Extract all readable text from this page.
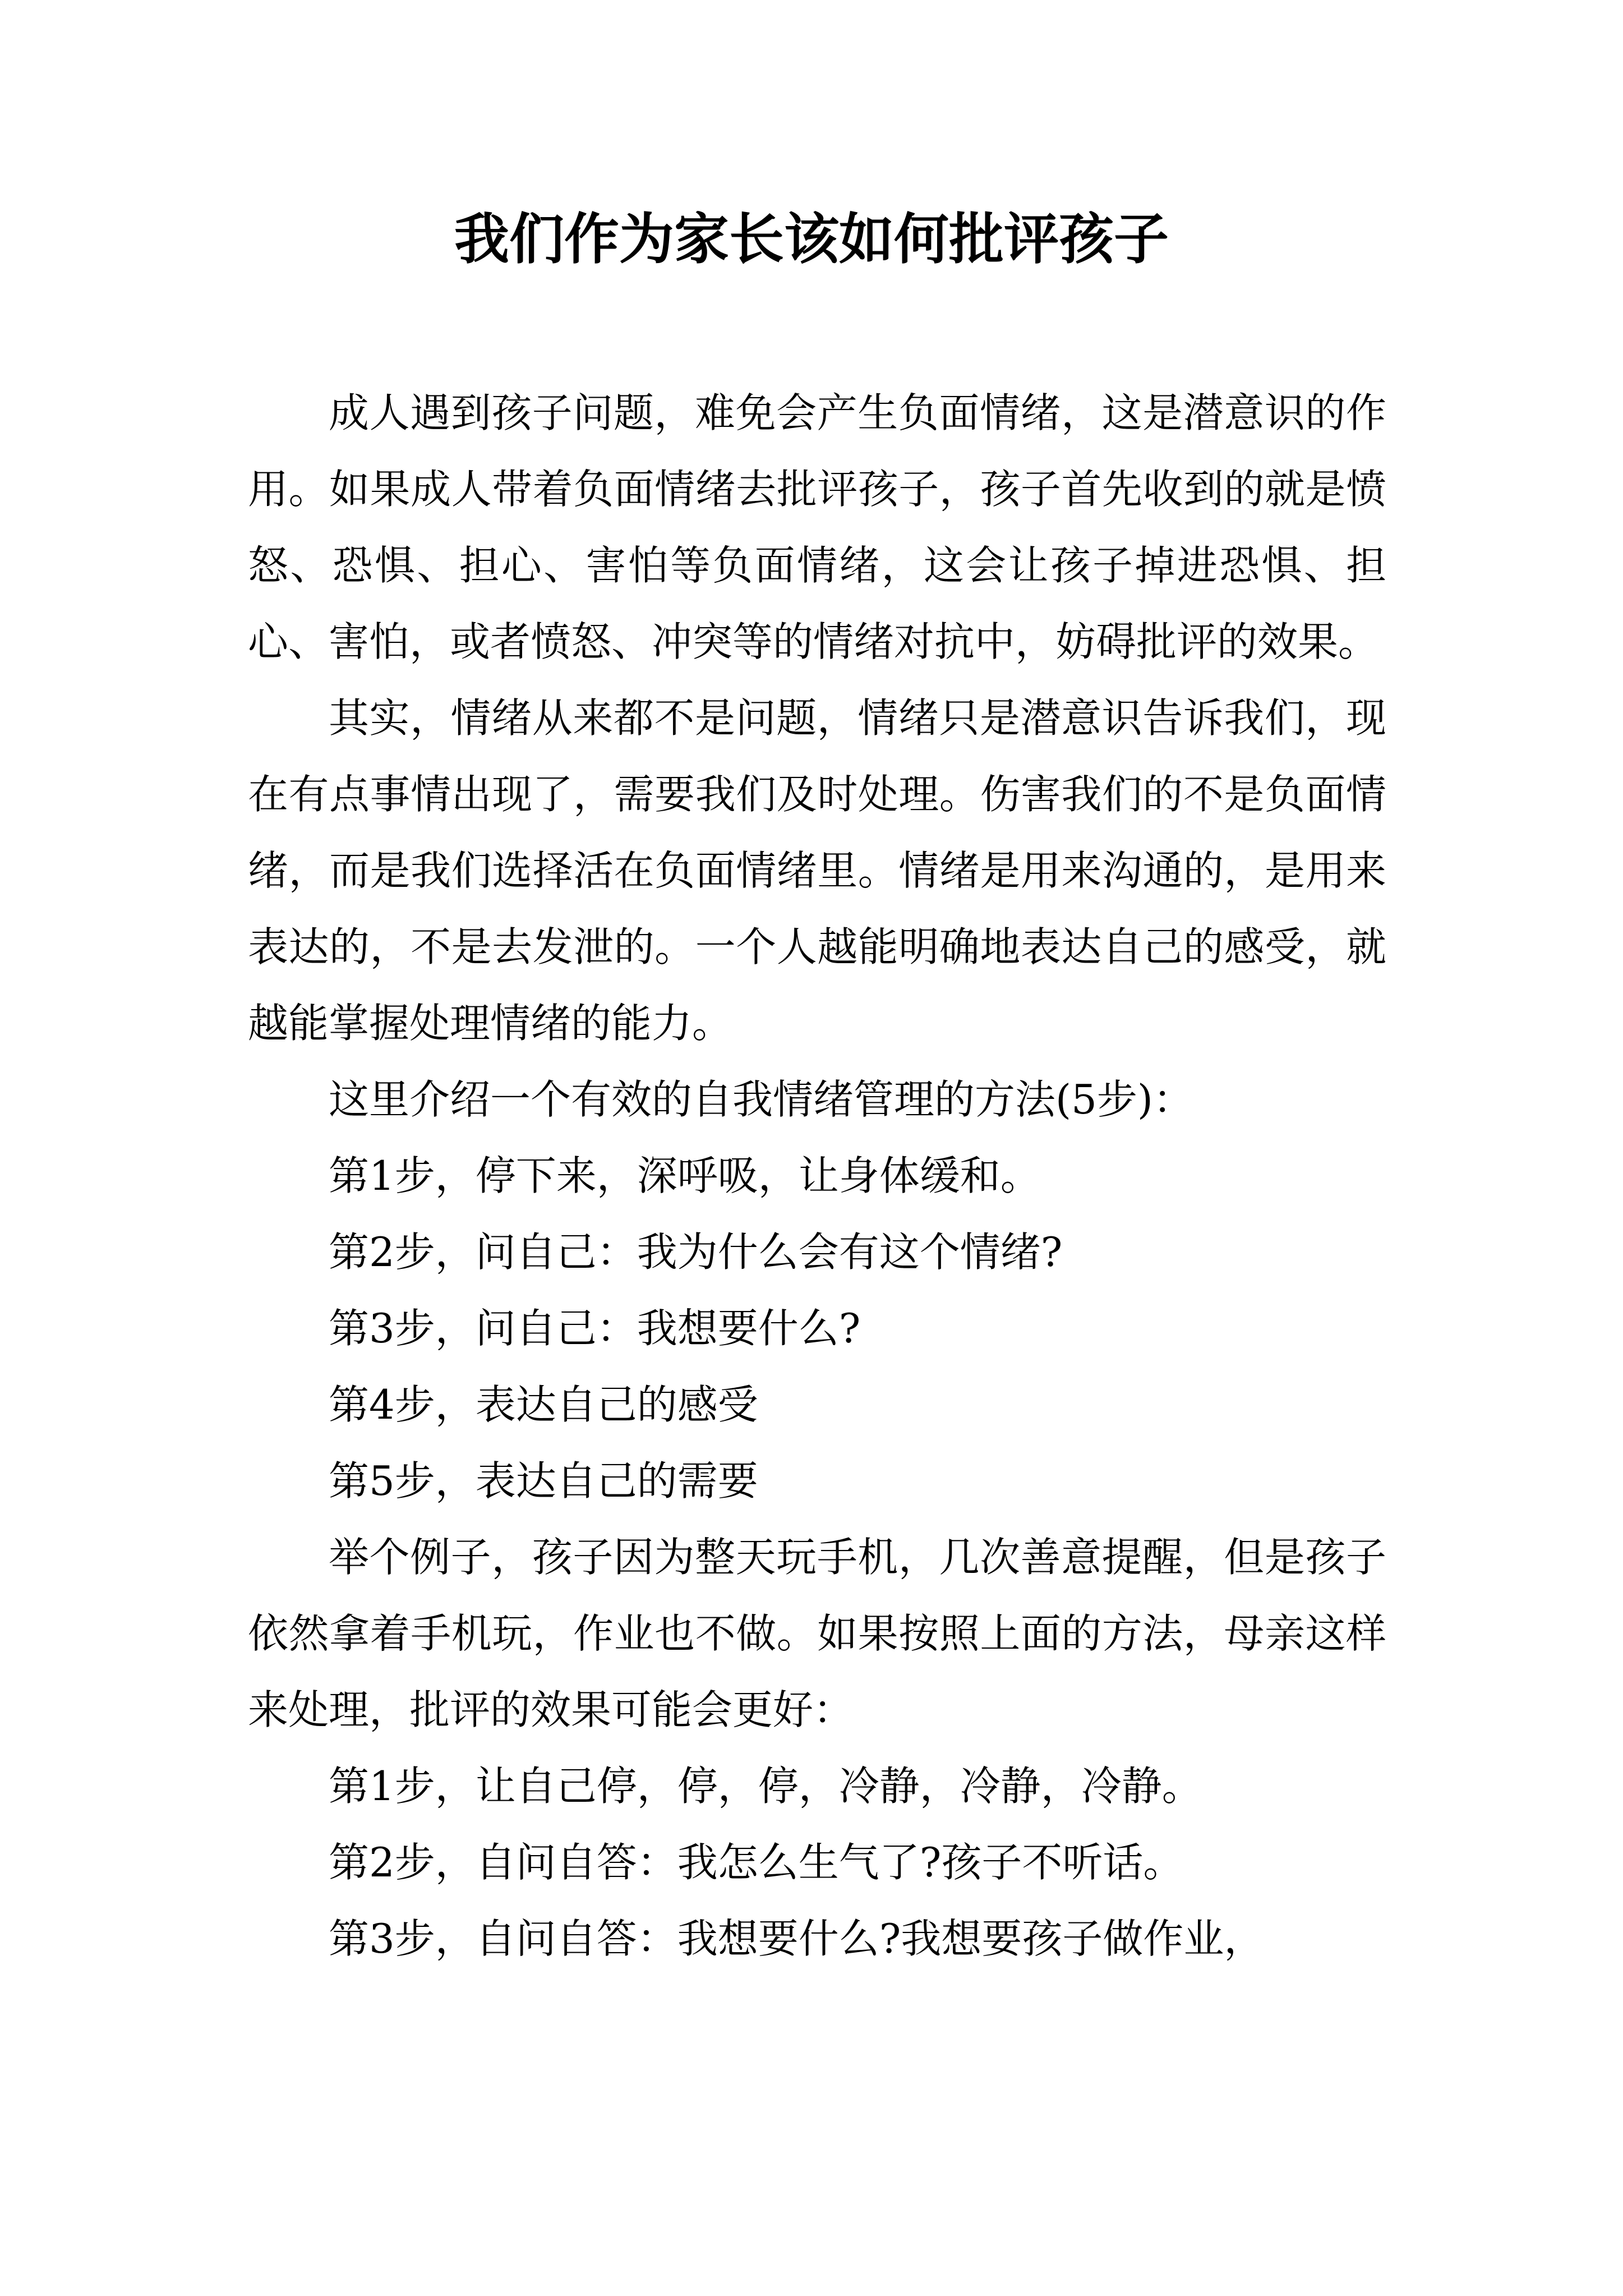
我们作为家长该如何批评孩子

成人遇到孩子问题，难免会产生负面情绪，这是潜意识的作用。如果成人带着负面情绪去批评孩子，孩子首先收到的就是愤怒、恐惧、担心、害怕等负面情绪，这会让孩子掉进恐惧、担心、害怕，或者愤怒、冲突等的情绪对抗中，妨碍批评的效果。

其实，情绪从来都不是问题，情绪只是潜意识告诉我们，现在有点事情出现了，需要我们及时处理。伤害我们的不是负面情绪，而是我们选择活在负面情绪里。情绪是用来沟通的，是用来表达的，不是去发泄的。一个人越能明确地表达自己的感受，就越能掌握处理情绪的能力。

这里介绍一个有效的自我情绪管理的方法(5步)：

第1步，停下来，深呼吸，让身体缓和。

第2步，问自己：我为什么会有这个情绪?

第3步，问自己：我想要什么?

第4步，表达自己的感受

第5步，表达自己的需要

举个例子，孩子因为整天玩手机，几次善意提醒，但是孩子依然拿着手机玩，作业也不做。如果按照上面的方法，母亲这样来处理，批评的效果可能会更好：

第1步，让自己停，停，停，冷静，冷静，冷静。

第2步，自问自答：我怎么生气了?孩子不听话。

第3步，自问自答：我想要什么?我想要孩子做作业，
